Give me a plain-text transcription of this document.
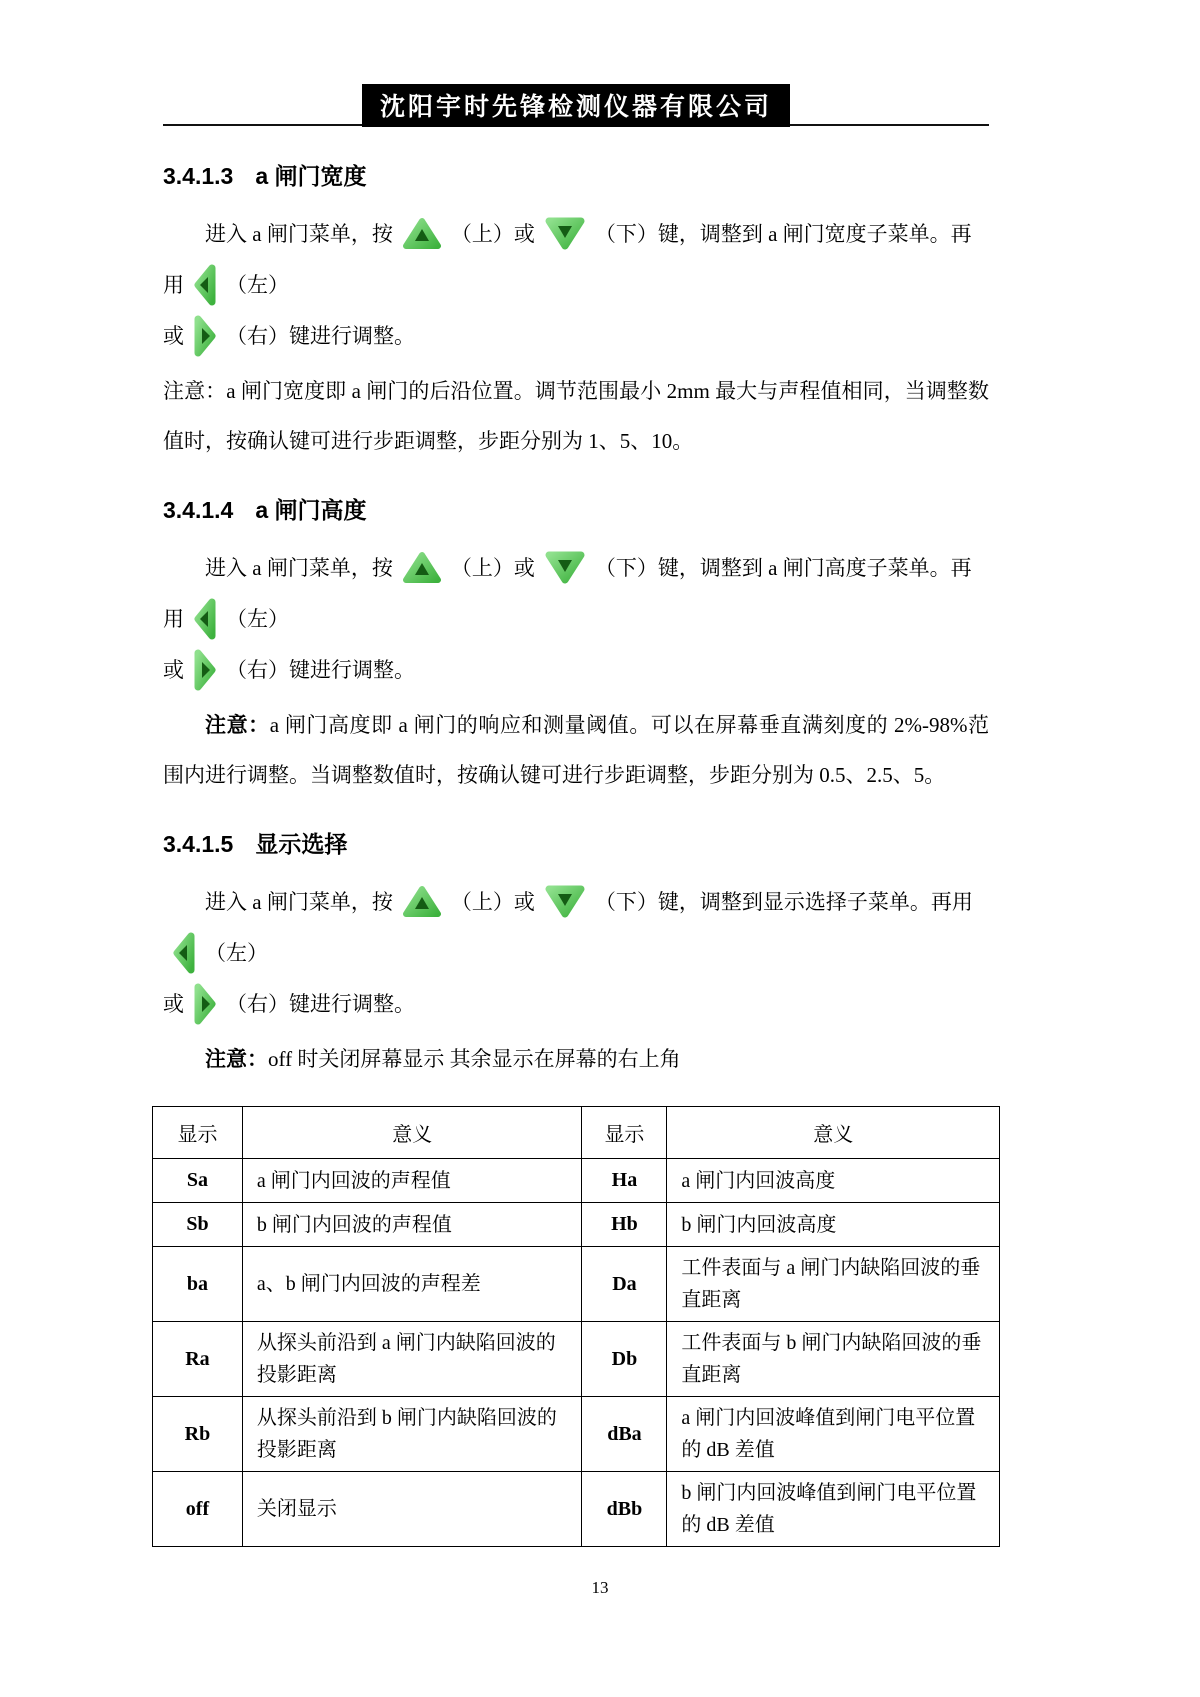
沈阳宇时先锋检测仪器有限公司
3.4.1.3 a 闸门宽度
进入 a 闸门菜单，按	（上）或	（下）键，调整到 a 闸门宽度子菜单。再用 （左）
或 （右）键进行调整。
注意：a 闸门宽度即 a 闸门的后沿位置。调节范围最小 2mm 最大与声程值相同，当调整数值时，按确认键可进行步距调整，步距分别为 1、5、10。
3.4.1.4 a 闸门高度
进入 a 闸门菜单，按	（上）或	（下）键，调整到 a 闸门高度子菜单。再用 （左）
或 （右）键进行调整。
注意：a 闸门高度即 a 闸门的响应和测量阈值。可以在屏幕垂直满刻度的 2%-98%范围内进行调整。当调整数值时，按确认键可进行步距调整，步距分别为 0.5、2.5、5。
3.4.1.5 显示选择
进入 a 闸门菜单，按	（上）或	（下）键，调整到显示选择子菜单。再用（左）
或 （右）键进行调整。
注意：off 时关闭屏幕显示 其余显示在屏幕的右上角
显示	意义	显示	意义
Sa	a 闸门内回波的声程值	Ha	a 闸门内回波高度
Sb	b 闸门内回波的声程值	Hb	b 闸门内回波高度
ba	a、b 闸门内回波的声程差	Da	工件表面与 a 闸门内缺陷回波的垂直距离
Ra	从探头前沿到 a 闸门内缺陷回波的投影距离	Db	工件表面与 b 闸门内缺陷回波的垂直距离
Rb	从探头前沿到 b 闸门内缺陷回波的投影距离	dBa	a 闸门内回波峰值到闸门电平位置的 dB 差值
off	关闭显示	dBb	b 闸门内回波峰值到闸门电平位置的 dB 差值
13
